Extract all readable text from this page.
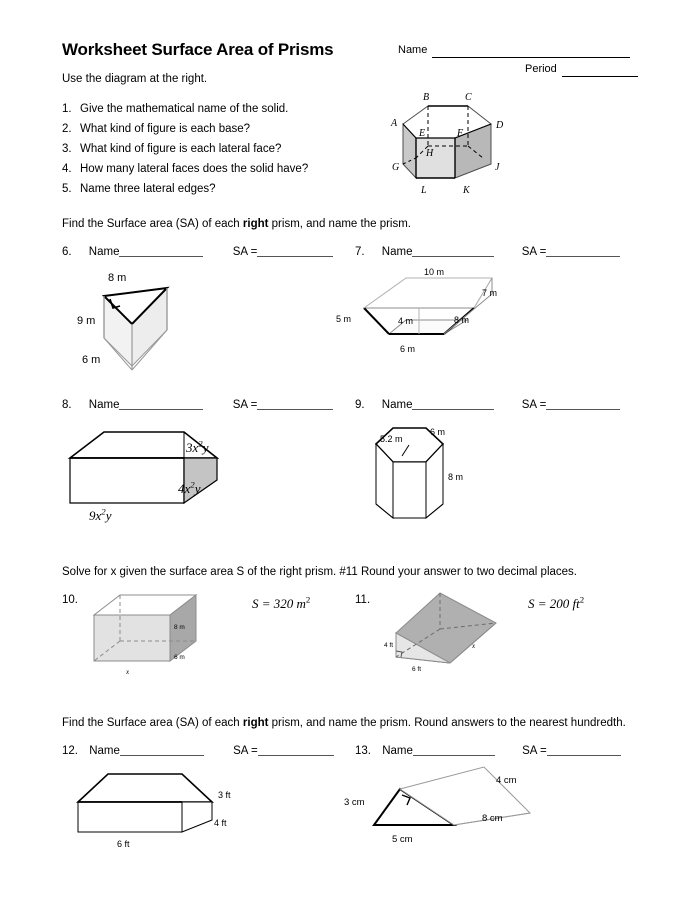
Worksheet Surface Area of Prisms	Name
Period
Use the diagram at the right.
1. Give the mathematical name of the solid.
2. What kind of figure is each base?
3. What kind of figure is each lateral face?
4. How many lateral faces does the solid have?
5. Name three lateral edges?
B	C
A	D
E	F
G
H
J
K
L
Find the Surface area (SA) of each right prism, and name the prism.
6. Name	SA =	7. Name	SA =
8 m
9 m
6 m
10 m
7 m
5 m	4 m	8 m
6 m
8. Name	SA =	9. Name	SA =
$3x^2y$
$4x^2y$
$9x^2y$
5.2 m
6 m
8 m
Solve for x given the surface area S of the right prism. #11 Round your answer to two decimal places.
10.	11.
8 m
6 m
x
S = 320 $m^2$
4 ft
6 ft
x
S = 200 $ft^2$
Find the Surface area (SA) of each right prism, and name the prism. Round answers to the nearest hundredth.
12. Name	SA =	13. Name	SA =
3 ft
4 ft
6 ft
4 cm
3 cm
8 cm
5 cm
